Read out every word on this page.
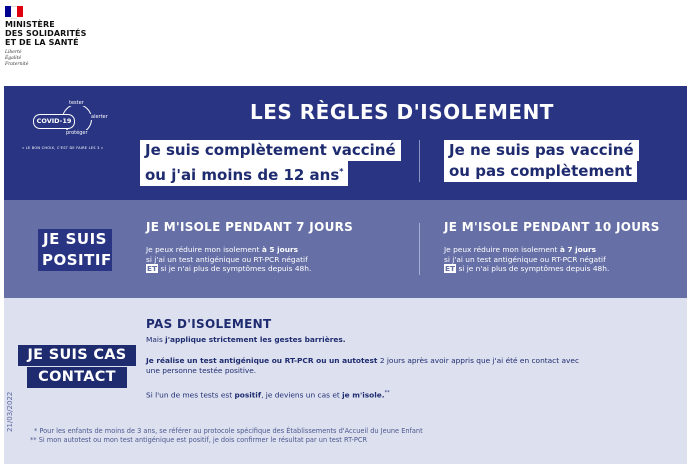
MINISTÈRE
DES SOLIDARITÉS
ET DE LA SANTÉ
Liberté
Égalité
Fraternité
tester
alerter
protéger
COVID-19
« LE BON CHOIX, C'EST DE FAIRE LES 3 »
LES RÈGLES D'ISOLEMENT
Je suis complètement vacciné
ou j'ai moins de 12 ans*
Je ne suis pas vacciné
ou pas complètement
JE SUIS
POSITIF
JE M'ISOLE PENDANT 7 JOURS
Je peux réduire mon isolement à 5 jours
si j'ai un test antigénique ou RT-PCR négatif
ET si je n'ai plus de symptômes depuis 48h.
JE M'ISOLE PENDANT 10 JOURS
Je peux réduire mon isolement à 7 jours
si j'ai un test antigénique ou RT-PCR négatif
ET si je n'ai plus de symptômes depuis 48h.
JE SUIS CAS
CONTACT
PAS D'ISOLEMENT
Mais j'applique strictement les gestes barrières.
Je réalise un test antigénique ou RT-PCR ou un autotest 2 jours après avoir appris que j'ai été en contact avec
une personne testée positive.
Si l'un de mes tests est positif, je deviens un cas et je m'isole.**
21/03/2022	* Pour les enfants de moins de 3 ans, se référer au protocole spécifique des Établissements d'Accueil du Jeune Enfant
** Si mon autotest ou mon test antigénique est positif, je dois confirmer le résultat par un test RT-PCR
